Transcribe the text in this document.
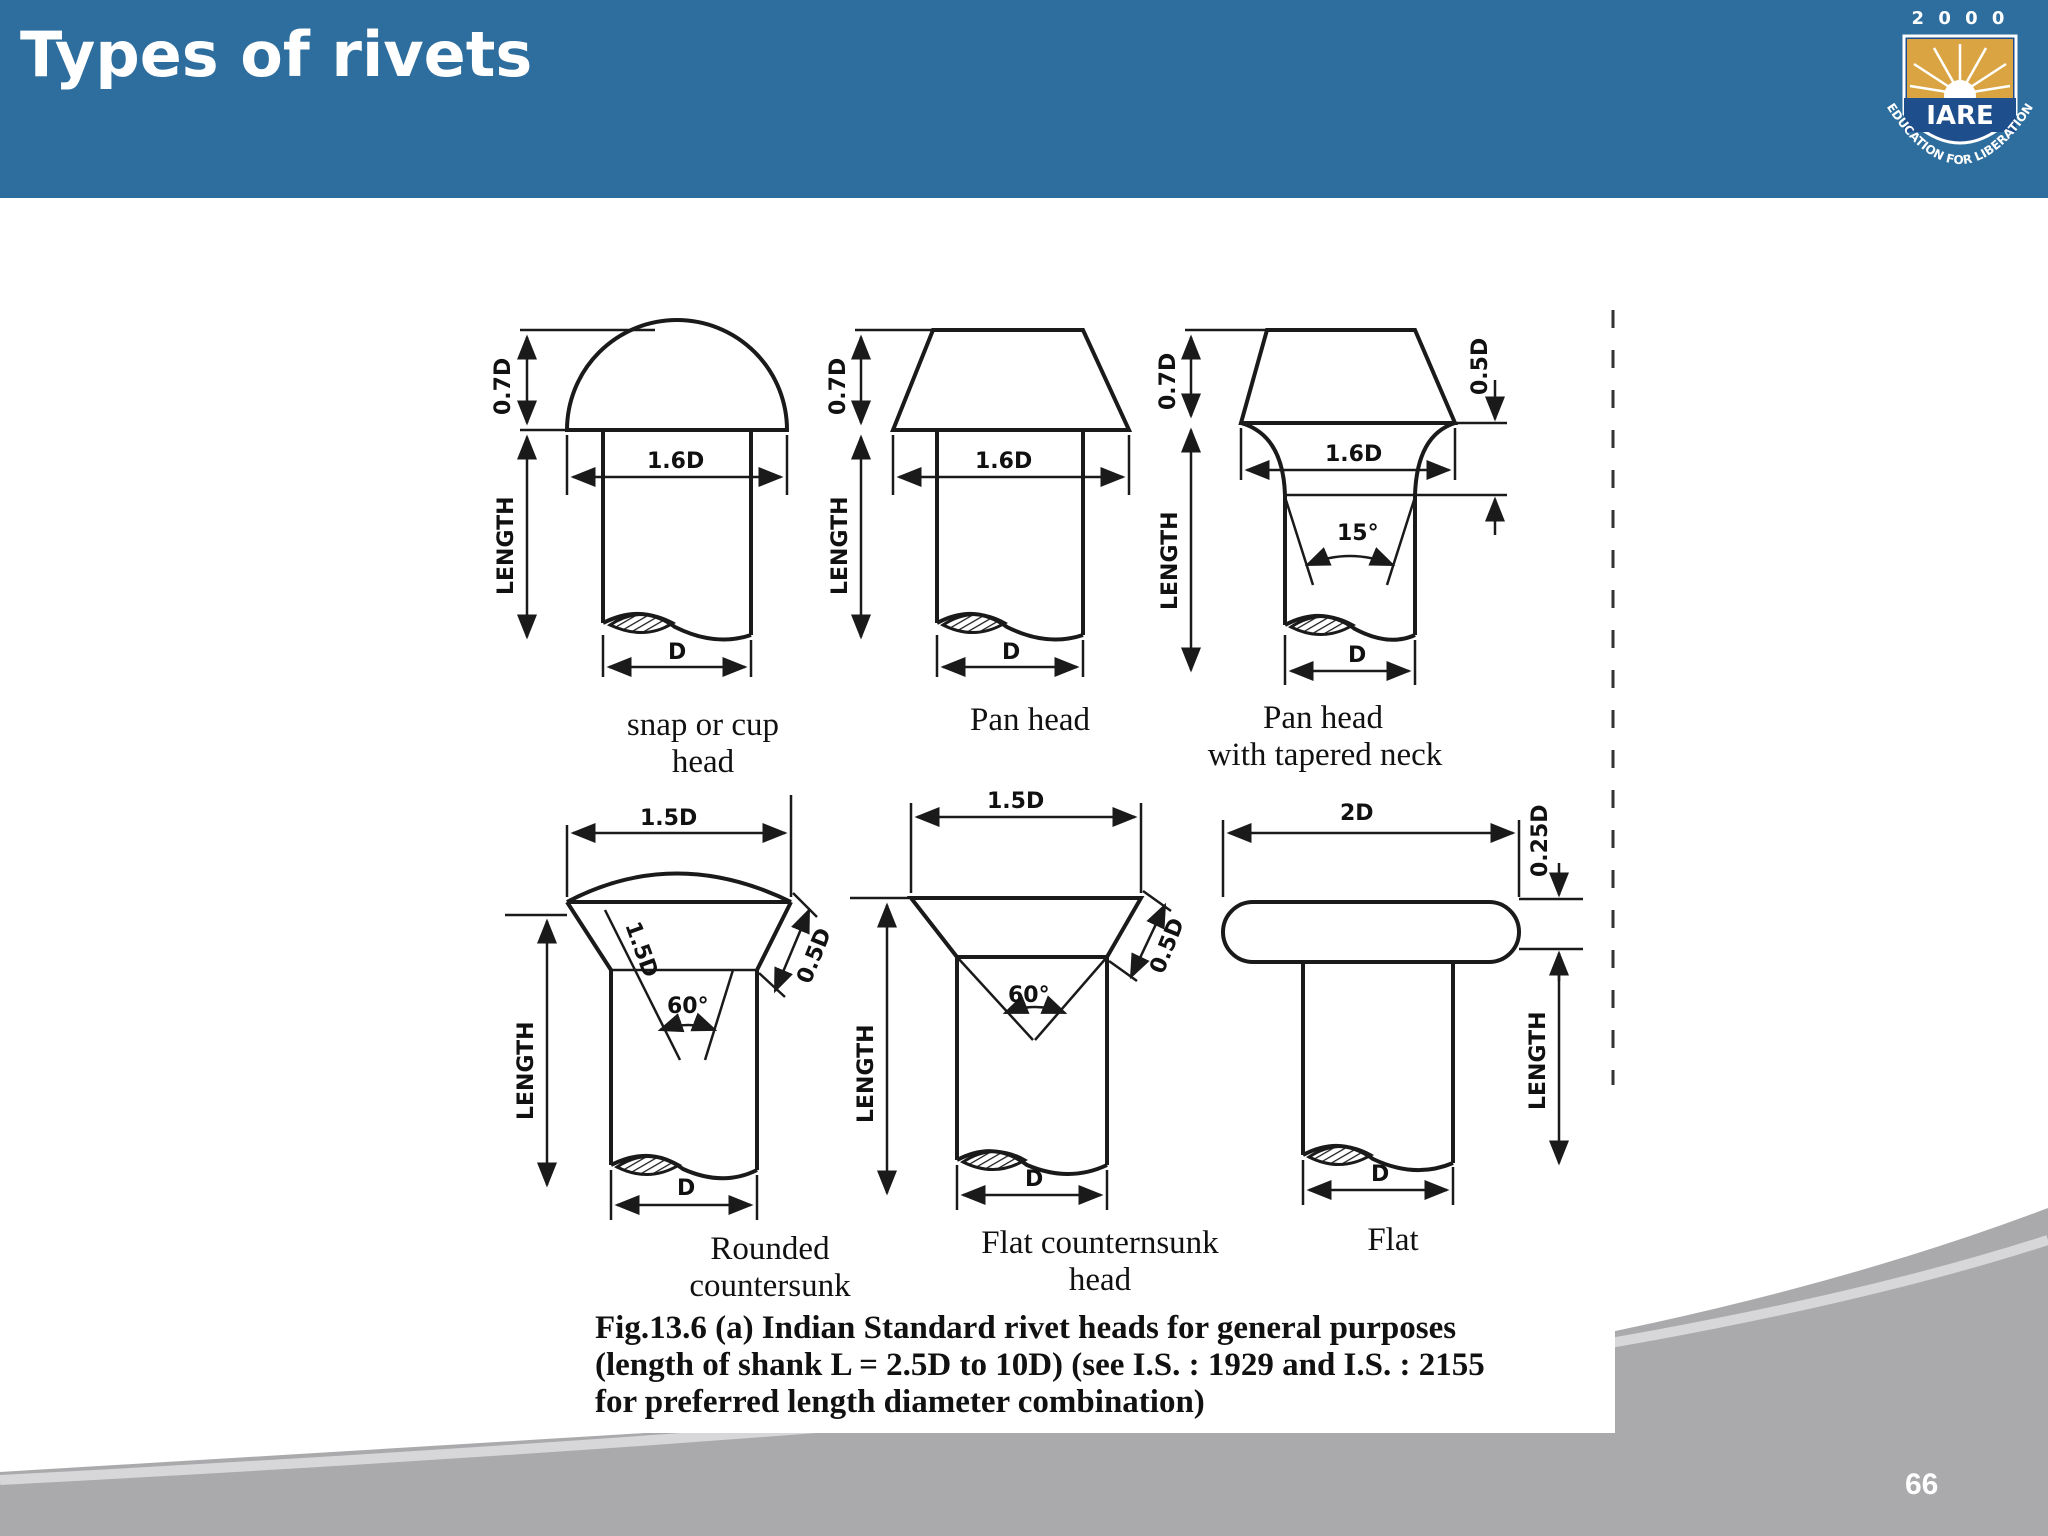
Types of rivets	2 0 0 0
IARE
EDUCATION FOR LIBERATION
0.7D
LENGTH
1.6D
D
snap or cup
head
0.7D
LENGTH
1.6D
D
Pan head
15°
0.7D
LENGTH
0.5D
1.6D
D
Pan head
with tapered neck
60°
1.5D
1.5D
LENGTH
0.5D
D
Rounded
countersunk
60°
1.5D
LENGTH
0.5D
D
Flat counternsunk
head
2D	0.25D
LENGTH
D
Flat
Fig.13.6 (a) Indian Standard rivet heads for general purposes
(length of shank L = 2.5D to 10D) (see I.S. : 1929 and I.S. : 2155
for preferred length diameter combination)
66
